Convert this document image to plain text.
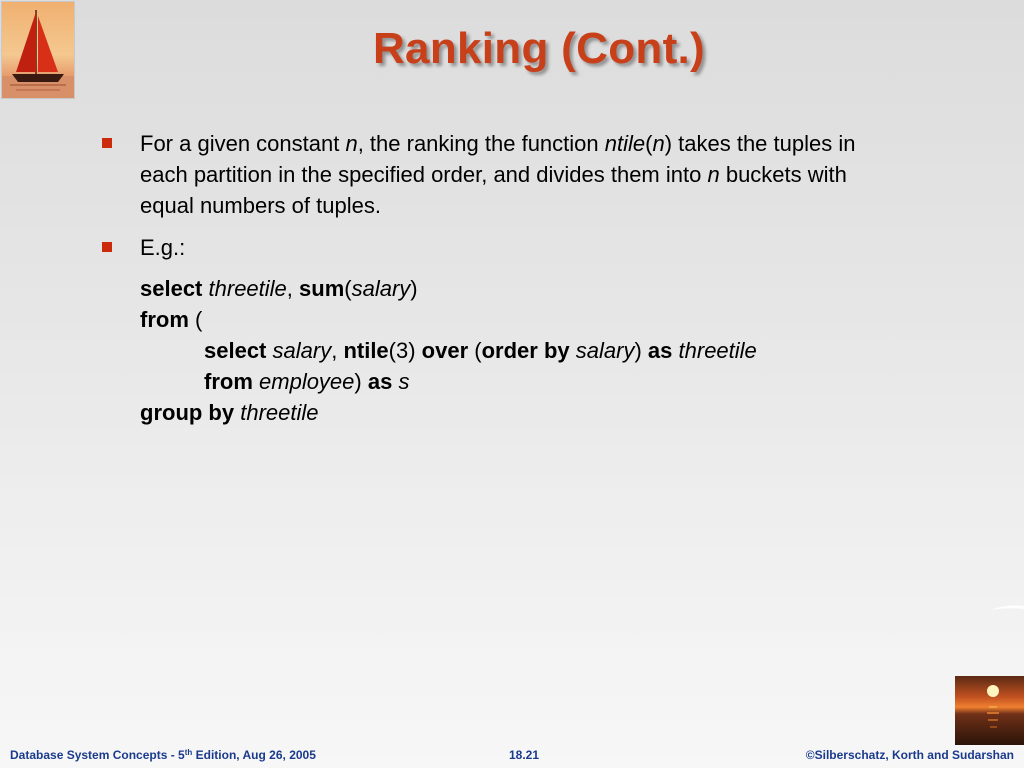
Ranking (Cont.)
For a given constant n, the ranking the function ntile(n) takes the tuples in each partition in the specified order, and divides them into n buckets with equal numbers of tuples.
E.g.:
select threetile, sum(salary)
from (
select salary, ntile(3) over (order by salary) as threetile
from employee) as s
group by threetile
Database System Concepts - 5th Edition, Aug 26, 2005	18.21	©Silberschatz, Korth and Sudarshan
